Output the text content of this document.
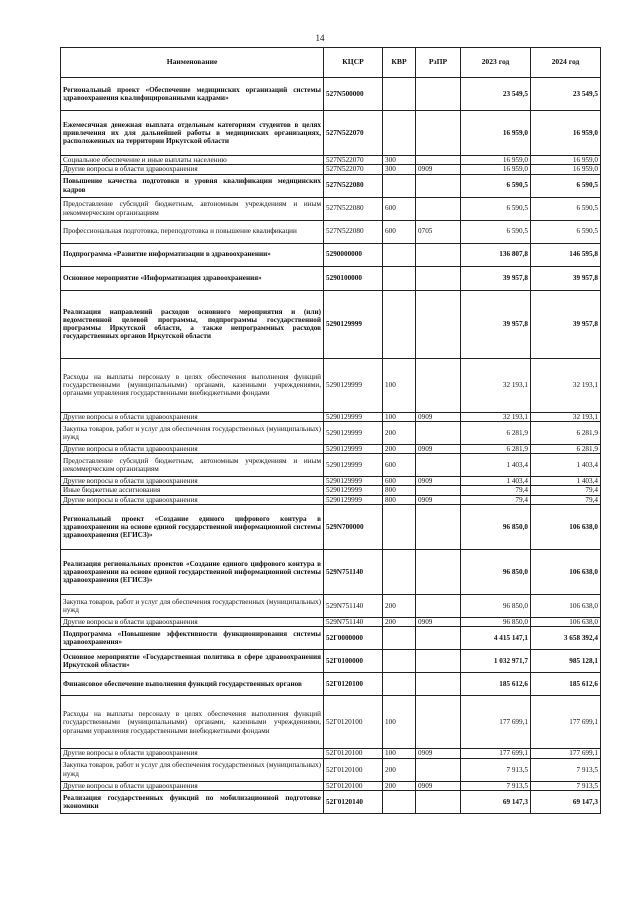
14
Наименование	КЦСР	КВР	РзПР	2023 год	2024 год
Региональный проект «Обеспечение медицинских организаций системы здравоохранения квалифицированными кадрами»	527N500000			23 549,5	23 549,5
Ежемесячная денежная выплата отдельным категориям студентов в целях привлечения их для дальнейшей работы в медицинских организациях, расположенных на территории Иркутской области	527N522070			16 959,0	16 959,0
Социальное обеспечение и иные выплаты населению	527N522070	300		16 959,0	16 959,0
Другие вопросы в области здравоохранения	527N522070	300	0909	16 959,0	16 959,0
Повышение качества подготовки и уровня квалификации медицинских кадров	527N522080			6 590,5	6 590,5
Предоставление субсидий бюджетным, автономным учреждениям и иным некоммерческим организациям	527N522080	600		6 590,5	6 590,5
Профессиональная подготовка, переподготовка и повышение квалификации	527N522080	600	0705	6 590,5	6 590,5
Подпрограмма «Развитие информатизации в здравоохранении»	5290000000			136 807,8	146 595,8
Основное мероприятие «Информатизация здравоохранения»	5290100000			39 957,8	39 957,8
Реализация направлений расходов основного мероприятия и (или) ведомственной целевой программы, подпрограммы государственной программы Иркутской области, а также непрограммных расходов государственных органов Иркутской области	5290129999			39 957,8	39 957,8
Расходы на выплаты персоналу в целях обеспечения выполнения функций государственными (муниципальными) органами, казенными учреждениями, органами управления государственными внебюджетными фондами	5290129999	100		32 193,1	32 193,1
Другие вопросы в области здравоохранения	5290129999	100	0909	32 193,1	32 193,1
Закупка товаров, работ и услуг для обеспечения государственных (муниципальных) нужд	5290129999	200		6 281,9	6 281,9
Другие вопросы в области здравоохранения	5290129999	200	0909	6 281,9	6 281,9
Предоставление субсидий бюджетным, автономным учреждениям и иным некоммерческим организациям	5290129999	600		1 403,4	1 403,4
Другие вопросы в области здравоохранения	5290129999	600	0909	1 403,4	1 403,4
Иные бюджетные ассигнования	5290129999	800		79,4	79,4
Другие вопросы в области здравоохранения	5290129999	800	0909	79,4	79,4
Региональный проект «Создание единого цифрового контура в здравоохранении на основе единой государственной информационной системы здравоохранения (ЕГИСЗ)»	529N700000			96 850,0	106 638,0
Реализация региональных проектов «Создание единого цифрового контура в здравоохранении на основе единой государственной информационной системы здравоохранения (ЕГИСЗ)»	529N751140			96 850,0	106 638,0
Закупка товаров, работ и услуг для обеспечения государственных (муниципальных) нужд	529N751140	200		96 850,0	106 638,0
Другие вопросы в области здравоохранения	529N751140	200	0909	96 850,0	106 638,0
Подпрограмма «Повышение эффективности функционирования системы здравоохранения»	52Г0000000			4 415 147,1	3 658 392,4
Основное мероприятие «Государственная политика в сфере здравоохранения Иркутской области»	52Г0100000			1 032 971,7	985 128,1
Финансовое обеспечение выполнения функций государственных органов	52Г0120100			185 612,6	185 612,6
Расходы на выплаты персоналу в целях обеспечения выполнения функций государственными (муниципальными) органами, казенными учреждениями, органами управления государственными внебюджетными фондами	52Г0120100	100		177 699,1	177 699,1
Другие вопросы в области здравоохранения	52Г0120100	100	0909	177 699,1	177 699,1
Закупка товаров, работ и услуг для обеспечения государственных (муниципальных) нужд	52Г0120100	200		7 913,5	7 913,5
Другие вопросы в области здравоохранения	52Г0120100	200	0909	7 913,5	7 913,5
Реализация государственных функций по мобилизационной подготовке экономики	52Г0120140			69 147,3	69 147,3
